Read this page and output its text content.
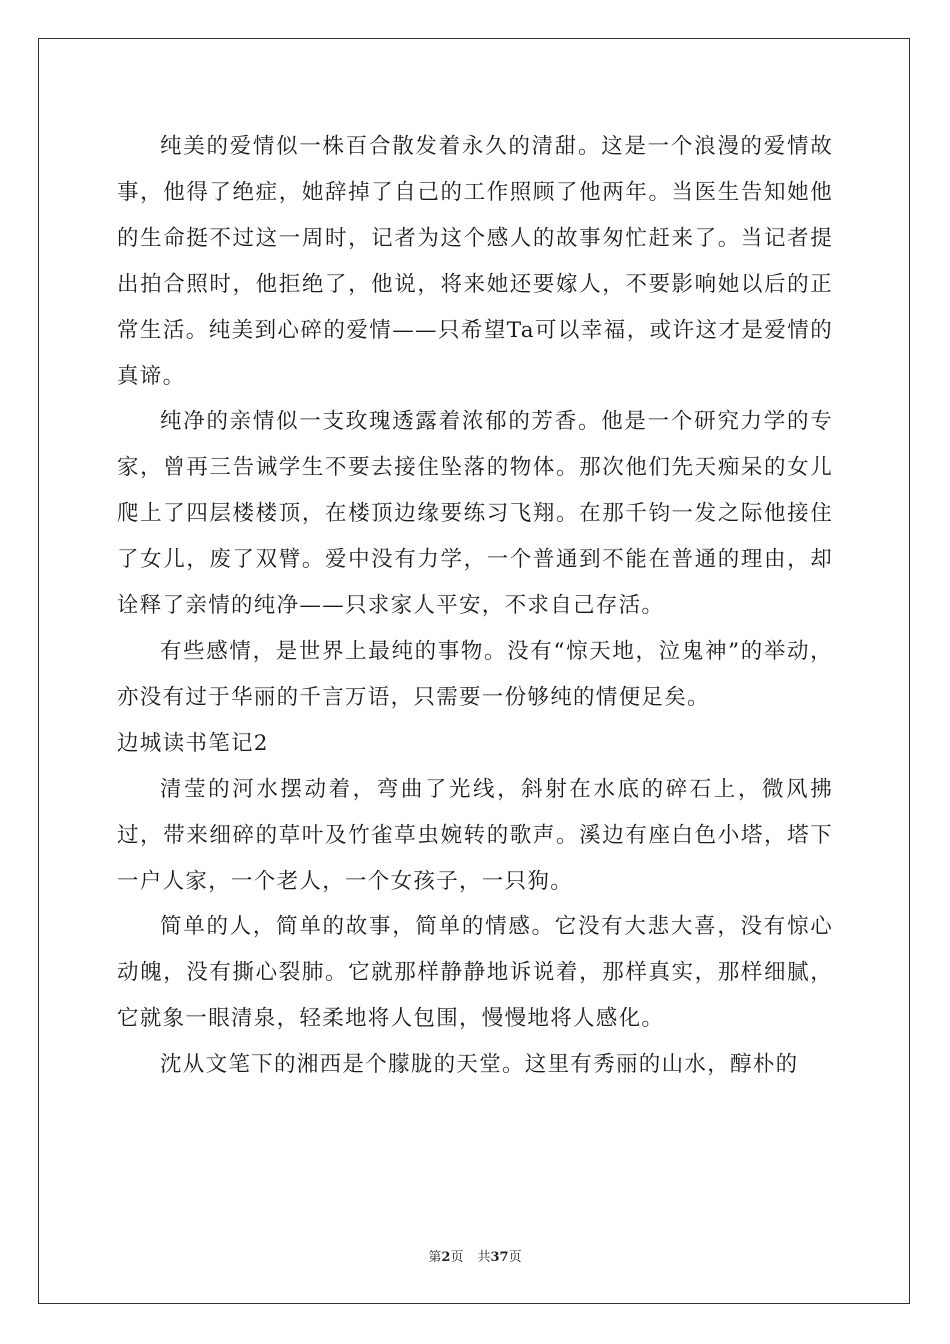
纯美的爱情似一株百合散发着永久的清甜。这是一个浪漫的爱情故事，他得了绝症，她辞掉了自己的工作照顾了他两年。当医生告知她他的生命挺不过这一周时，记者为这个感人的故事匆忙赶来了。当记者提出拍合照时，他拒绝了，他说，将来她还要嫁人，不要影响她以后的正常生活。纯美到心碎的爱情——只希望Ta可以幸福，或许这才是爱情的真谛。

纯净的亲情似一支玫瑰透露着浓郁的芳香。他是一个研究力学的专家，曾再三告诫学生不要去接住坠落的物体。那次他们先天痴呆的女儿爬上了四层楼楼顶，在楼顶边缘要练习飞翔。在那千钧一发之际他接住了女儿，废了双臂。爱中没有力学，一个普通到不能在普通的理由，却诠释了亲情的纯净——只求家人平安，不求自己存活。

有些感情，是世界上最纯的事物。没有“惊天地，泣鬼神”的举动，亦没有过于华丽的千言万语，只需要一份够纯的情便足矣。

边城读书笔记2

清莹的河水摆动着，弯曲了光线，斜射在水底的碎石上，微风拂过，带来细碎的草叶及竹雀草虫婉转的歌声。溪边有座白色小塔，塔下一户人家，一个老人，一个女孩子，一只狗。

简单的人，简单的故事，简单的情感。它没有大悲大喜，没有惊心动魄，没有撕心裂肺。它就那样静静地诉说着，那样真实，那样细腻，它就象一眼清泉，轻柔地将人包围，慢慢地将人感化。

沈从文笔下的湘西是个朦胧的天堂。这里有秀丽的山水，醇朴的

第2页 共37页
